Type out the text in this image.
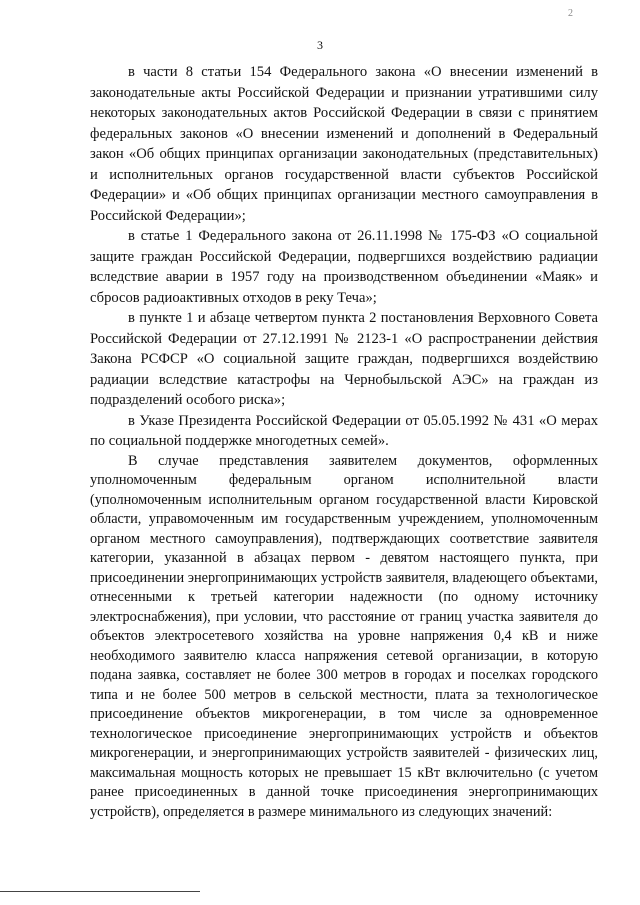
2
3

в части 8 статьи 154 Федерального закона «О внесении изменений в законодательные акты Российской Федерации и признании утратившими силу некоторых законодательных актов Российской Федерации в связи с принятием федеральных законов «О внесении изменений и дополнений в Федеральный закон «Об общих принципах организации законодательных (представительных) и исполнительных органов государственной власти субъектов Российской Федерации» и «Об общих принципах организации местного самоуправления в Российской Федерации»;

в статье 1 Федерального закона от 26.11.1998 № 175-ФЗ «О социальной защите граждан Российской Федерации, подвергшихся воздействию радиации вследствие аварии в 1957 году на производственном объединении «Маяк» и сбросов радиоактивных отходов в реку Теча»;

в пункте 1 и абзаце четвертом пункта 2 постановления Верховного Совета Российской Федерации от 27.12.1991 № 2123-1 «О распространении действия Закона РСФСР «О социальной защите граждан, подвергшихся воздействию радиации вследствие катастрофы на Чернобыльской АЭС» на граждан из подразделений особого риска»;

в Указе Президента Российской Федерации от 05.05.1992 № 431 «О мерах по социальной поддержке многодетных семей».

В случае представления заявителем документов, оформленных уполномоченным федеральным органом исполнительной власти (уполномоченным исполнительным органом государственной власти Кировской области, управомоченным им государственным учреждением, уполномоченным органом местного самоуправления), подтверждающих соответствие заявителя категории, указанной в абзацах первом - девятом настоящего пункта, при присоединении энергопринимающих устройств заявителя, владеющего объектами, отнесенными к третьей категории надежности (по одному источнику электроснабжения), при условии, что расстояние от границ участка заявителя до объектов электросетевого хозяйства на уровне напряжения 0,4 кВ и ниже необходимого заявителю класса напряжения сетевой организации, в которую подана заявка, составляет не более 300 метров в городах и поселках городского типа и не более 500 метров в сельской местности, плата за технологическое присоединение объектов микрогенерации, в том числе за одновременное технологическое присоединение энергопринимающих устройств и объектов микрогенерации, и энергопринимающих устройств заявителей - физических лиц, максимальная мощность которых не превышает 15 кВт включительно (с учетом ранее присоединенных в данной точке присоединения энергопринимающих устройств), определяется в размере минимального из следующих значений:
